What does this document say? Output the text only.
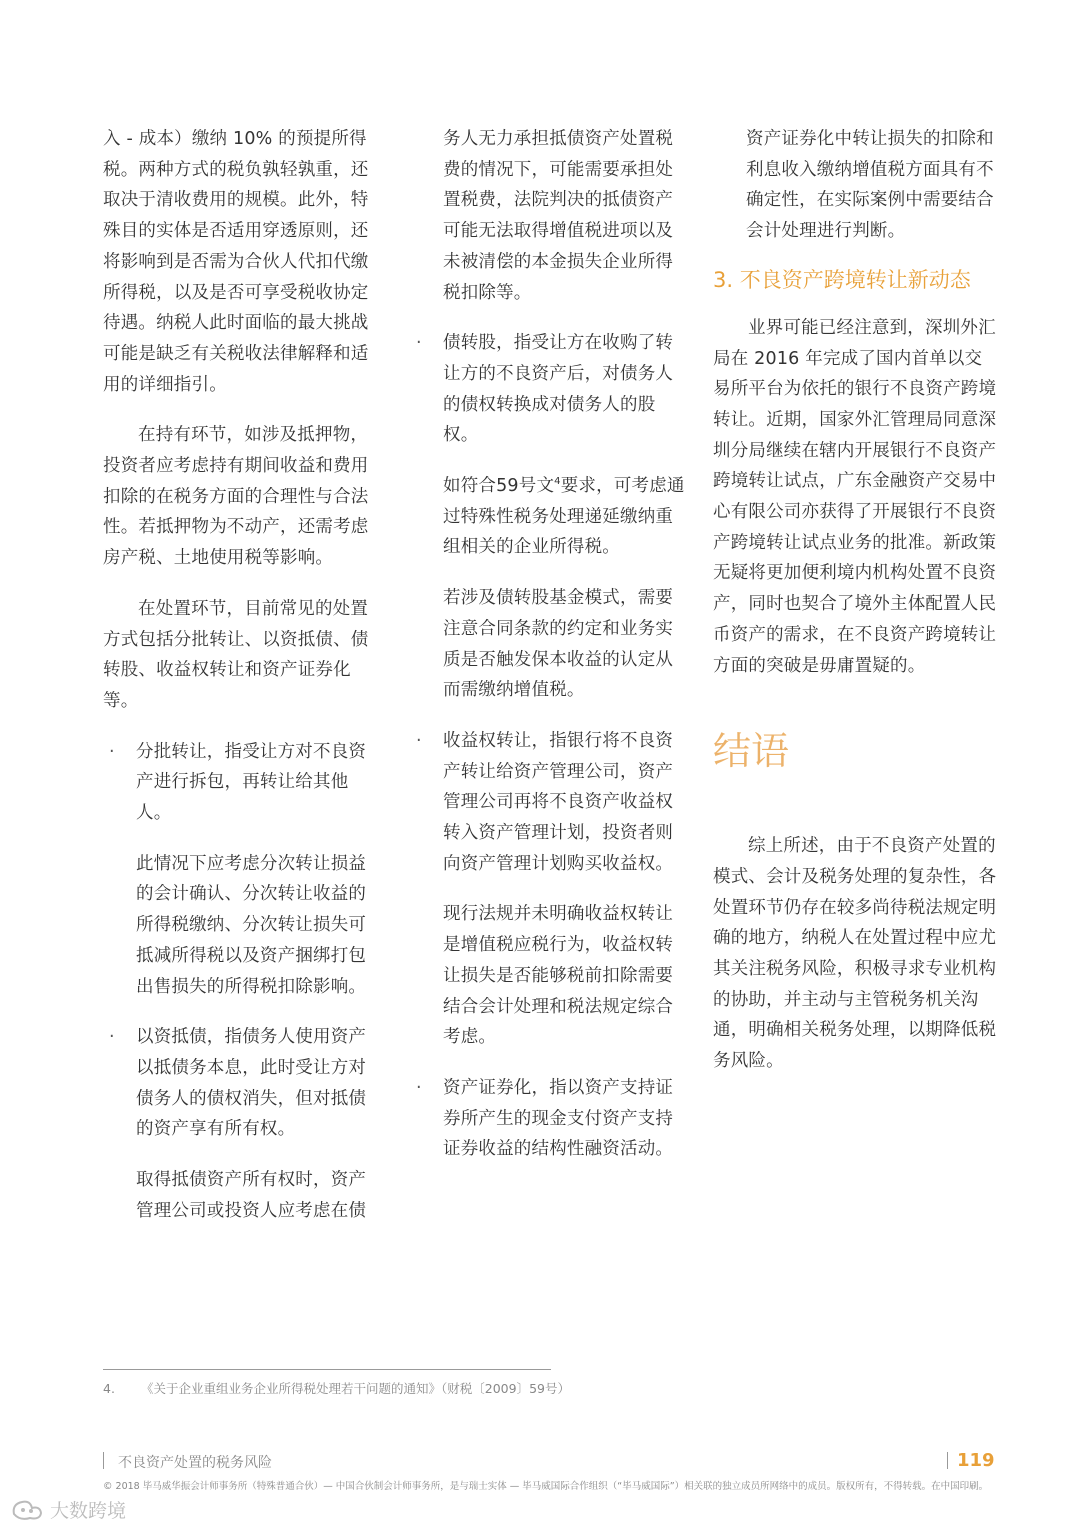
入 - 成本）缴纳 10% 的预提所得税。两种方式的税负孰轻孰重，还取决于清收费用的规模。此外，特殊目的实体是否适用穿透原则，还将影响到是否需为合伙人代扣代缴所得税，以及是否可享受税收协定待遇。纳税人此时面临的最大挑战可能是缺乏有关税收法律解释和适用的详细指引。

在持有环节，如涉及抵押物，投资者应考虑持有期间收益和费用扣除的在税务方面的合理性与合法性。若抵押物为不动产，还需考虑房产税、土地使用税等影响。

在处置环节，目前常见的处置方式包括分批转让、以资抵债、债转股、收益权转让和资产证券化等。

· 分批转让，指受让方对不良资产进行拆包，再转让给其他人。

此情况下应考虑分次转让损益的会计确认、分次转让收益的所得税缴纳、分次转让损失可抵减所得税以及资产捆绑打包出售损失的所得税扣除影响。

· 以资抵债，指债务人使用资产以抵债务本息，此时受让方对债务人的债权消失，但对抵债的资产享有所有权。

取得抵债资产所有权时，资产管理公司或投资人应考虑在债

务人无力承担抵债资产处置税费的情况下，可能需要承担处置税费，法院判决的抵债资产可能无法取得增值税进项以及未被清偿的本金损失企业所得税扣除等。

· 债转股，指受让方在收购了转让方的不良资产后，对债务人的债权转换成对债务人的股权。

如符合59号文$^4$要求，可考虑通过特殊性税务处理递延缴纳重组相关的企业所得税。

若涉及债转股基金模式，需要注意合同条款的约定和业务实质是否触发保本收益的认定从而需缴纳增值税。

· 收益权转让，指银行将不良资产转让给资产管理公司，资产管理公司再将不良资产收益权转入资产管理计划，投资者则向资产管理计划购买收益权。

现行法规并未明确收益权转让是增值税应税行为，收益权转让损失是否能够税前扣除需要结合会计处理和税法规定综合考虑。

· 资产证券化，指以资产支持证券所产生的现金支付资产支持证券收益的结构性融资活动。

资产证券化中转让损失的扣除和利息收入缴纳增值税方面具有不确定性，在实际案例中需要结合会计处理进行判断。

3. 不良资产跨境转让新动态

业界可能已经注意到，深圳外汇局在 2016 年完成了国内首单以交易所平台为依托的银行不良资产跨境转让。近期，国家外汇管理局同意深圳分局继续在辖内开展银行不良资产跨境转让试点，广东金融资产交易中心有限公司亦获得了开展银行不良资产跨境转让试点业务的批准。新政策无疑将更加便利境内机构处置不良资产，同时也契合了境外主体配置人民币资产的需求，在不良资产跨境转让方面的突破是毋庸置疑的。

结语

综上所述，由于不良资产处置的模式、会计及税务处理的复杂性，各处置环节仍存在较多尚待税法规定明确的地方，纳税人在处置过程中应尤其关注税务风险，积极寻求专业机构的协助，并主动与主管税务机关沟通，明确相关税务处理，以期降低税务风险。

4. 《关于企业重组业务企业所得税处理若干问题的通知》（财税〔2009〕59号）
不良资产处置的税务风险	119
© 2018 毕马威华振会计师事务所（特殊普通合伙）— 中国合伙制会计师事务所，是与瑞士实体 — 毕马威国际合作组织（“毕马威国际”）相关联的独立成员所网络中的成员。版权所有，不得转载。在中国印刷。
大数跨境
